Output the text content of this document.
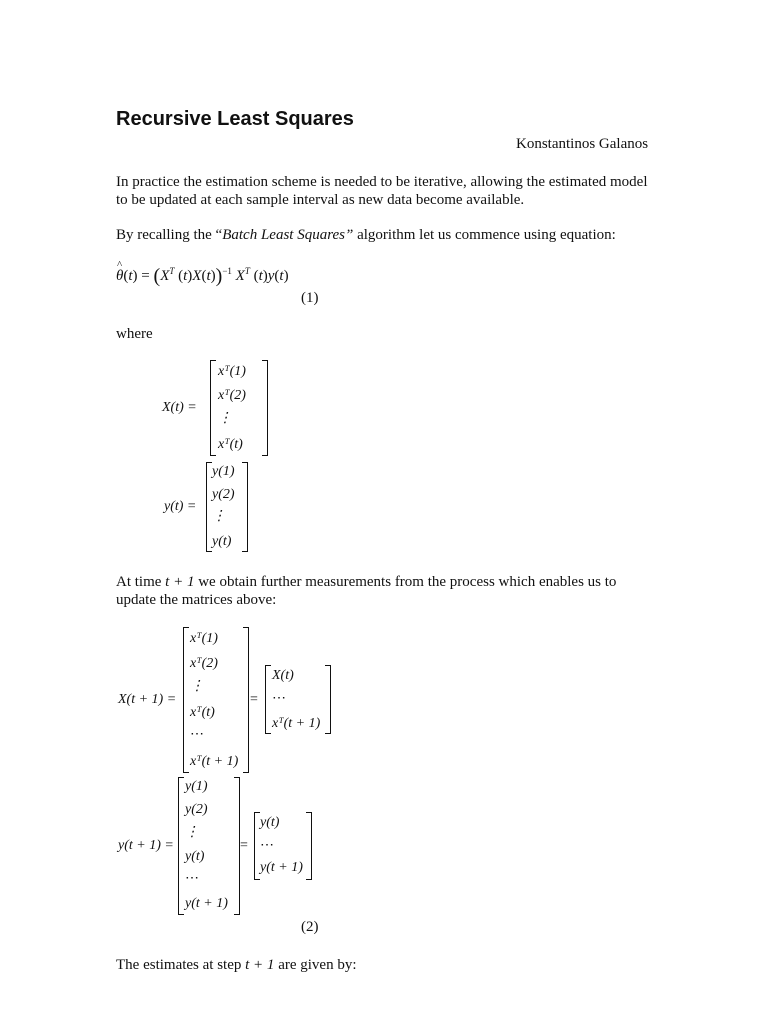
Recursive Least Squares
Konstantinos Galanos
In practice the estimation scheme is needed to be iterative, allowing the estimated model to be updated at each sample interval as new data become available.
By recalling the “Batch Least Squares” algorithm let us commence using equation:
θ
^
$(t) = (X^T$ (t)X(t))$^{-1}$ $X^T$ (t)y(t)
(1)
where
X(t) =
xᵀ(1)
xᵀ(2)
⋮
xᵀ(t)
y(t) =
y(1)
y(2)
⋮
y(t)
At time t + 1 we obtain further measurements from the process which enables us to update the matrices above:
X(t + 1) =
xᵀ(1)
xᵀ(2)
⋮
xᵀ(t)
⋯
xᵀ(t + 1)
=
X(t)
⋯
xᵀ(t + 1)
y(t + 1) =
y(1)
y(2)
⋮
y(t)
⋯
y(t + 1)
=
y(t)
⋯
y(t + 1)
(2)
The estimates at step t + 1 are given by:
